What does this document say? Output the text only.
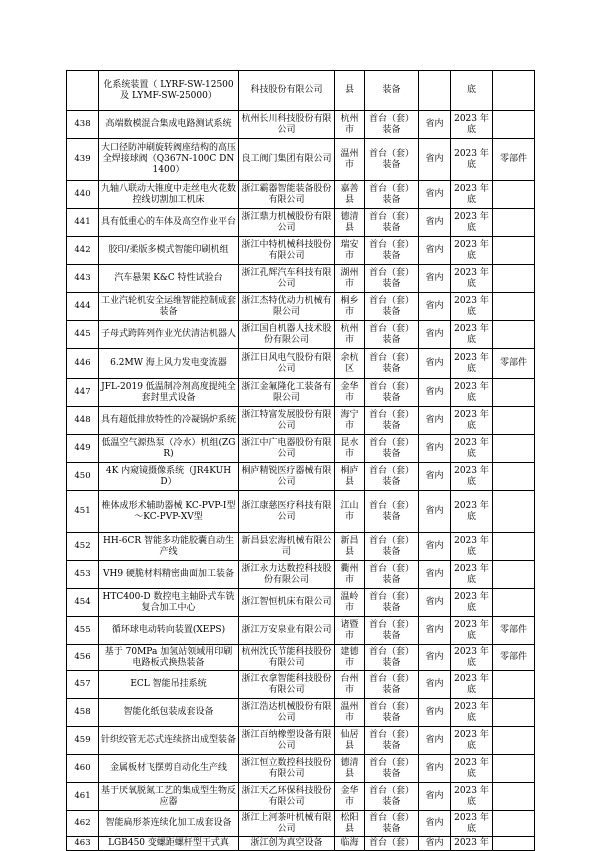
	化系统装置（ LYRF-SW-12500 及 LYMF-SW-25000）	科技股份有限公司	县	装备		底	
438	高端数模混合集成电路测试系统	杭州长川科技股份有限公司	杭州市	首台（套）装备	省内	2023 年底	
439	大口径防冲刷旋转阀座结构的高压全焊接球阀（Q367N-100C DN1400）	良工阀门集团有限公司	温州市	首台（套）装备	省内	2023 年底	零部件
440	九轴八联动大锥度中走丝电火花数控线切割加工机床	浙江霸器智能装备股份有限公司	嘉善县	首台（套）装备	省内	2023 年底	
441	具有低重心的车体及高空作业平台	浙江鼎力机械股份有限公司	德清县	首台（套）装备	省内	2023 年底	
442	胶印/柔版多模式智能印刷机组	浙江中特机械科技股份有限公司	瑞安市	首台（套）装备	省内	2023 年底	
443	汽车悬架 K&C 特性试验台	浙江孔辉汽车科技有限公司	湖州市	首台（套）装备	省内	2023 年底	
444	工业汽轮机安全运维智能控制成套装备	浙江杰特优动力机械有限公司	桐乡市	首台（套）装备	省内	2023 年底	
445	子母式跨阵列作业光伏清洁机器人	浙江国自机器人技术股份有限公司	杭州市	首台（套）装备	省内	2023 年底	
446	6.2MW 海上风力发电变流器	浙江日风电气股份有限公司	余杭区	首台（套）装备	省内	2023 年底	零部件
447	JFL-2019 低温制冷剂高度提纯全套封里式设备	浙江金氟隆化工装备有限公司	金华市	首台（套）装备	省内	2023 年底	
448	具有超低排放特性的冷凝锅炉系统	浙江特富发展股份有限公司	海宁市	首台（套）装备	省内	2023 年底	
449	低温空气源热泵（冷水）机组(ZGR)	浙江中广电器股份有限公司	昆水市	首台（套）装备	省内	2023 年底	
450	4K 内窥镜摄像系统（JR4KUHD）	桐庐精锐医疗器械有限公司	桐庐县	首台（套）装备	省内	2023 年底	
451	椎体成形术辅助器械 KC-PVP-Ⅰ型～KC-PVP-ⅩⅤ型	浙江康慈医疗科技有限公司	江山市	首台（套）装备	省内	2023 年底	
452	HH-6CR 智能多功能胶囊自动生产线	新昌县宏海机械有限公司	新昌县	首台（套）装备	省内	2023 年底	
453	VH9 硬脆材料精密曲面加工装备	浙江永力达数控科技股份有限公司	衢州市	首台（套）装备	省内	2023 年底	
454	HTC400-D 数控电主轴卧式车铣复合加工中心	浙江智恒机床有限公司	温岭市	首台（套）装备	省内	2023 年底	
455	循环球电动转向装置(XEPS)	浙江万安泉业有限公司	诸暨市	首台（套）装备	省内	2023 年底	零部件
456	基于 70MPa 加氢站领域用印刷电路板式换热装备	杭州沈氏节能科技股份有限公司	建德市	首台（套）装备	省内	2023 年底	零部件
457	ECL 智能吊挂系统	浙江衣拿智能科技股份有限公司	台州市	首台（套）装备	省内	2023 年底	
458	智能化纸包装成套设备	浙江浩达机械股份有限公司	温州市	首台（套）装备	省内	2023 年底	
459	针织绞管无芯式连续挤出成型装备	浙江百纳橡塑设备有限公司	仙居县	首台（套）装备	省内	2023 年底	
460	金属板材飞摆剪自动化生产线	浙江恒立数控科技股份有限公司	德清县	首台（套）装备	省内	2023 年底	
461	基于厌氧脱氮工艺的集成型生物反应器	浙江天乙环保科技股份有限公司	金华市	首台（套）装备	省内	2023 年底	
462	智能扁形茶连续化加工成套设备	浙江上河茶叶机械有限公司	松阳县	首台（套）装备	省内	2023 年底	
463	LGB450 变螺距螺杆型干式真	浙江创为真空设备	临海	首台（套）	省内	2023 年	
